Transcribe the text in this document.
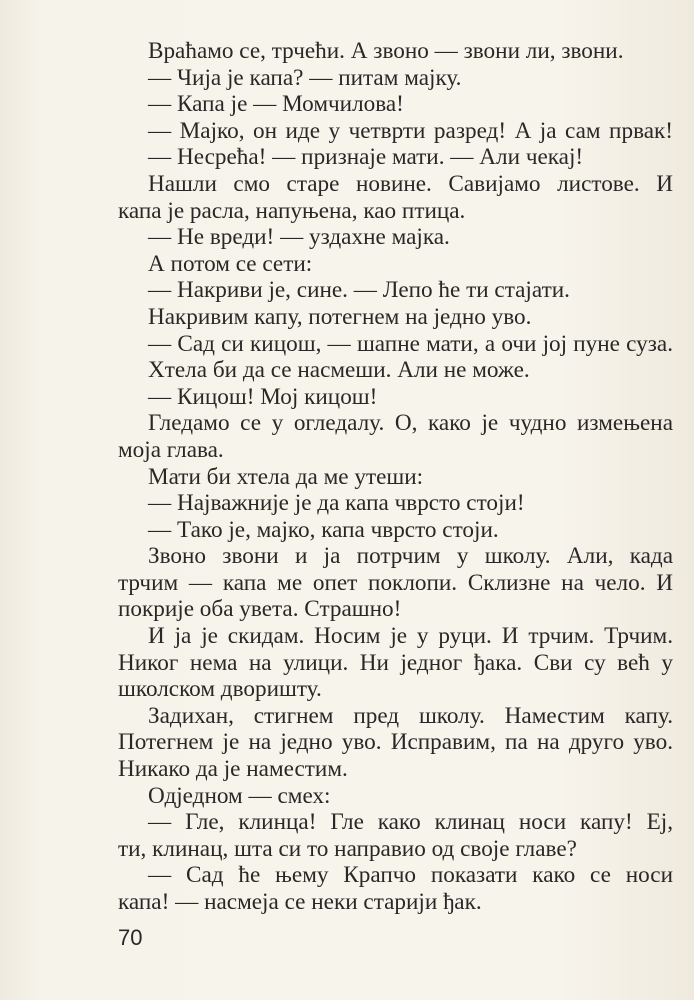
Враћамо се, трчећи. А звоно — звони ли, звони.
— Чија је капа? — питам мајку.
— Капа је — Момчилова!
— Мајко, он иде у четврти разред! А ја сам првак!
— Несрећа! — признаје мати. — Али чекај!
Нашли смо старе новине. Савијамо листове. И
капа је расла, напуњена, као птица.
— Не вреди! — уздахне мајка.
А потом се сети:
— Накриви је, сине. — Лепо ће ти стајати.
Накривим капу, потегнем на једно уво.
— Сад си кицош, — шапне мати, а очи јој пуне суза.
Хтела би да се насмеши. Али не може.
— Кицош! Мој кицош!
Гледамо се у огледалу. О, како је чудно измењена
моја глава.
Мати би хтела да ме утеши:
— Најважније је да капа чврсто стоји!
— Тако је, мајко, капа чврсто стоји.
Звоно звони и ја потрчим у школу. Али, када
трчим — капа ме опет поклопи. Склизне на чело. И
покрије оба увета. Страшно!
И ја је скидам. Носим је у руци. И трчим. Трчим.
Никог нема на улици. Ни једног ђака. Сви су већ у
школском дворишту.
Задихан, стигнем пред школу. Наместим капу.
Потегнем је на једно уво. Исправим, па на друго уво.
Никако да је наместим.
Одједном — смех:
— Гле, клинца! Гле како клинац носи капу! Еј,
ти, клинац, шта си то направио од своје главе?
— Сад ће њему Крапчо показати како се носи
капа! — насмеја се неки старији ђак.
70
